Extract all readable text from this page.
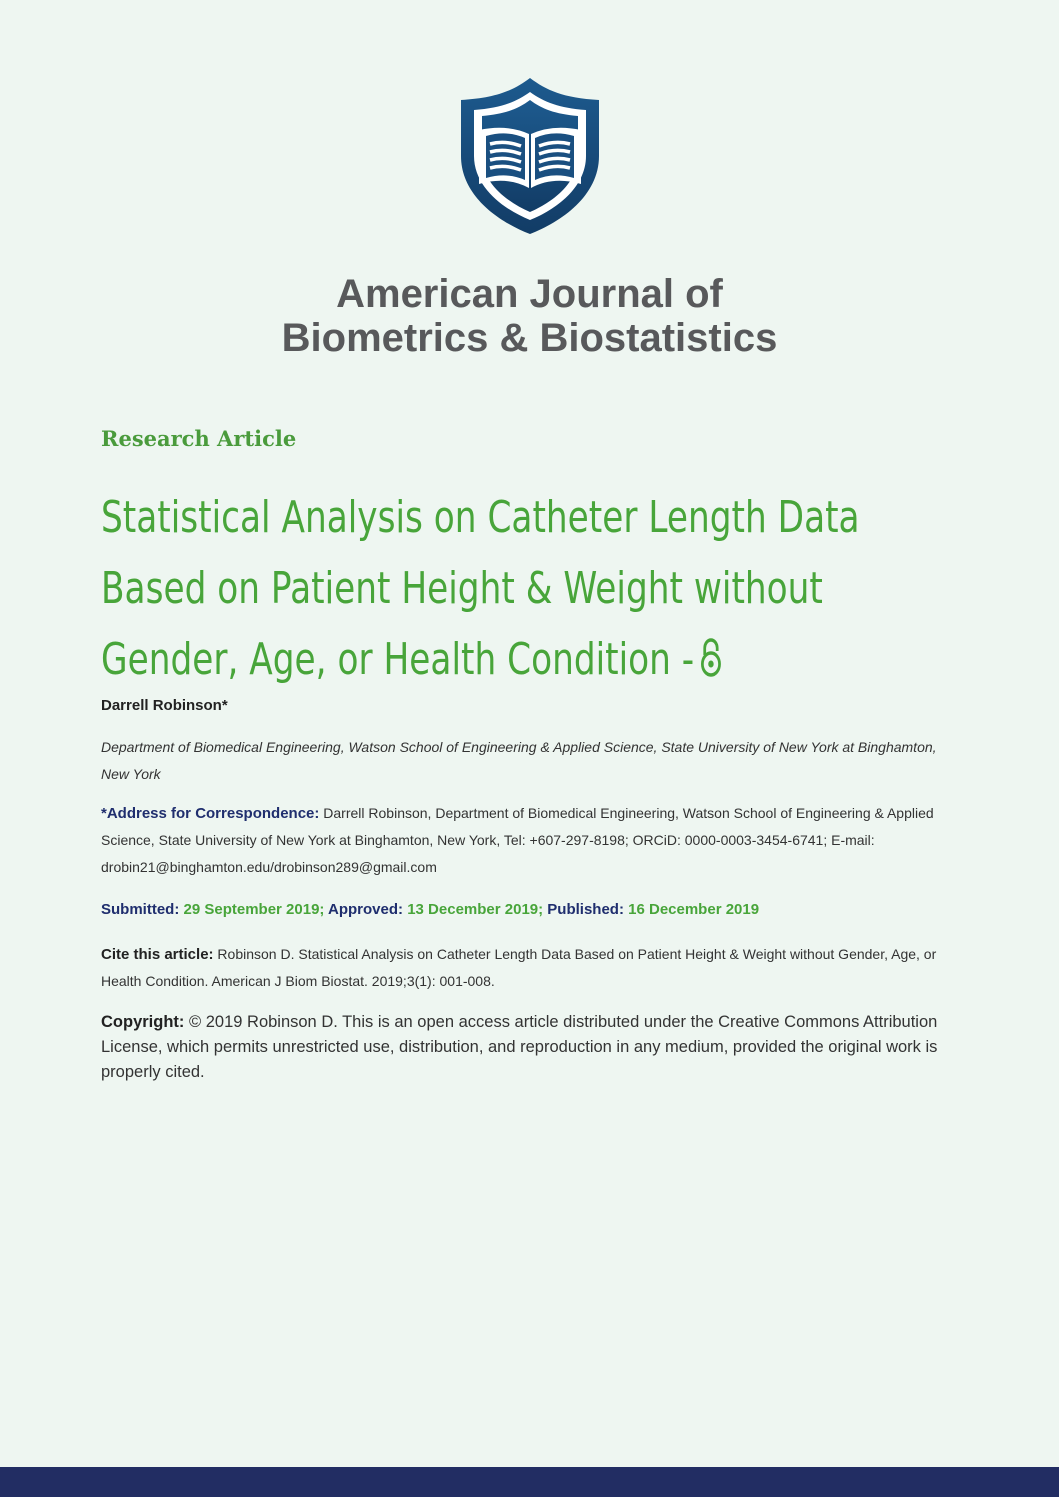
American Journal of
Biometrics & Biostatistics
Research Article
Statistical Analysis on Catheter Length Data
Based on Patient Height & Weight without
Gender, Age, or Health Condition -
Darrell Robinson*
Department of Biomedical Engineering, Watson School of Engineering & Applied Science, State University of New York at Binghamton, New York
*Address for Correspondence: Darrell Robinson, Department of Biomedical Engineering, Watson School of Engineering & Applied Science, State University of New York at Binghamton, New York, Tel: +607-297-8198; ORCiD: 0000-0003-3454-6741; E-mail: drobin21@binghamton.edu/drobinson289@gmail.com
Submitted: 29 September 2019; Approved: 13 December 2019; Published: 16 December 2019
Cite this article: Robinson D. Statistical Analysis on Catheter Length Data Based on Patient Height & Weight without Gender, Age, or Health Condition. American J Biom Biostat. 2019;3(1): 001-008.
Copyright: © 2019 Robinson D. This is an open access article distributed under the Creative Commons Attribution License, which permits unrestricted use, distribution, and reproduction in any medium, provided the original work is properly cited.
